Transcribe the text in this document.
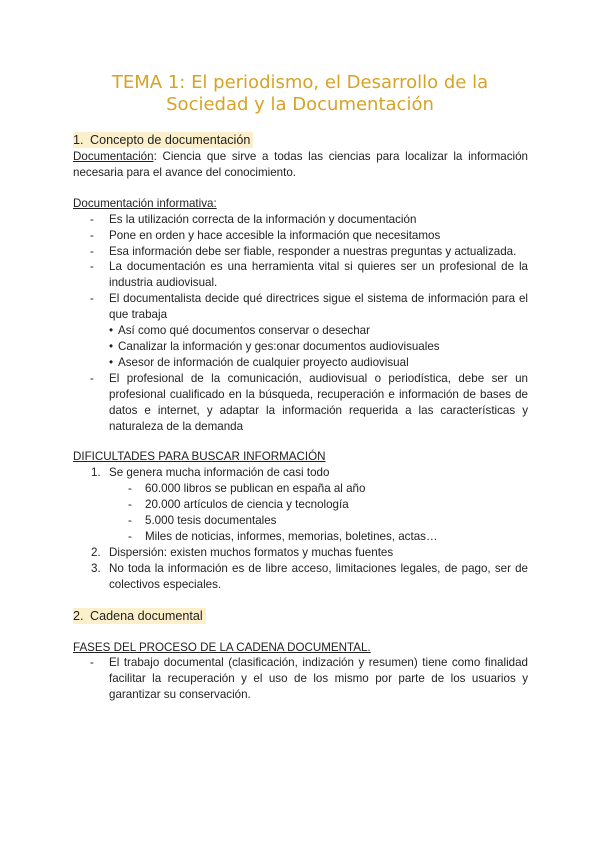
TEMA 1: El periodismo, el Desarrollo de la
Sociedad y la Documentación

1. Concepto de documentación

Documentación: Ciencia que sirve a todas las ciencias para localizar la información necesaria para el avance del conocimiento.

Documentación informativa:

- Es la utilización correcta de la información y documentación
- Pone en orden y hace accesible la información que necesitamos
- Esa información debe ser fiable, responder a nuestras preguntas y actualizada.
- La documentación es una herramienta vital si quieres ser un profesional de la industria audiovisual.
- El documentalista decide qué directrices sigue el sistema de información para el que trabaja
• Así como qué documentos conservar o desechar
• Canalizar la información y ges:onar documentos audiovisuales
• Asesor de información de cualquier proyecto audiovisual
- El profesional de la comunicación, audiovisual o periodística, debe ser un profesional cualificado en la búsqueda, recuperación e información de bases de datos e internet, y adaptar la información requerida a las características y naturaleza de la demanda

DIFICULTADES PARA BUSCAR INFORMACIÓN

1. Se genera mucha información de casi todo
- 60.000 libros se publican en españa al año
- 20.000 artículos de ciencia y tecnología
- 5.000 tesis documentales
- Miles de noticias, informes, memorias, boletines, actas…
2. Dispersión: existen muchos formatos y muchas fuentes
3. No toda la información es de libre acceso, limitaciones legales, de pago, ser de colectivos especiales.

2. Cadena documental

FASES DEL PROCESO DE LA CADENA DOCUMENTAL.

- El trabajo documental (clasificación, indización y resumen) tiene como finalidad facilitar la recuperación y el uso de los mismo por parte de los usuarios y garantizar su conservación.
